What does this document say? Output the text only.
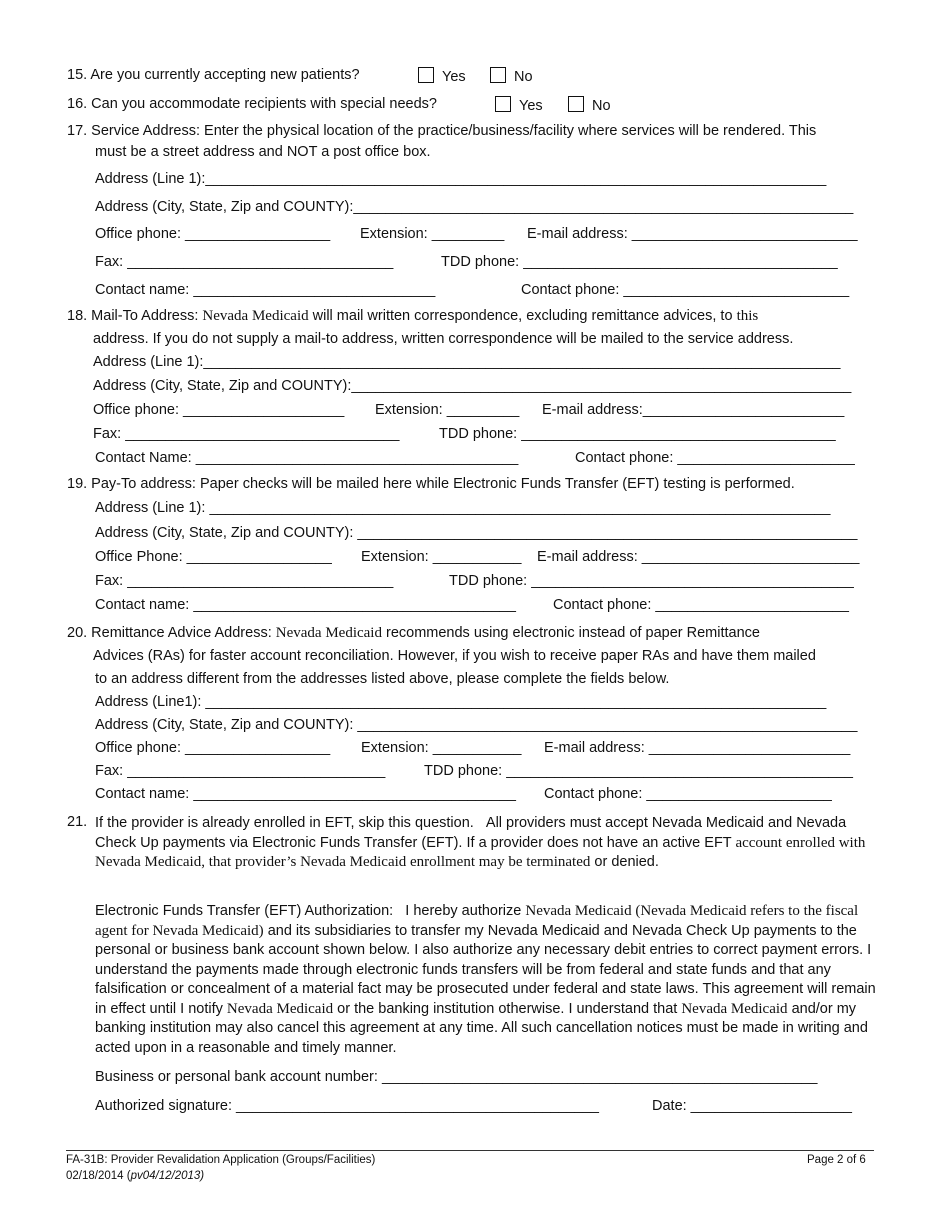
15. Are you currently accepting new patients?	Yes	No
16. Can you accommodate recipients with special needs?	Yes	No
17. Service Address: Enter the physical location of the practice/business/facility where services will be rendered. This
must be a street address and NOT a post office box.
Address (Line 1):_____________________________________________________________________________
Address (City, State, Zip and COUNTY):______________________________________________________________
Office phone: __________________ Extension: _________ E-mail address: ____________________________
Fax: _________________________________	TDD phone: _______________________________________
Contact name: ______________________________	Contact phone: ____________________________
18. Mail-To Address: Nevada Medicaid will mail written correspondence, excluding remittance advices, to this
address. If you do not supply a mail-to address, written correspondence will be mailed to the service address.
Address (Line 1):_______________________________________________________________________________
Address (City, State, Zip and COUNTY):______________________________________________________________
Office phone: ____________________ Extension: _________ E-mail address:_________________________
Fax: __________________________________	TDD phone: _______________________________________
Contact Name: ________________________________________	Contact phone: ______________________
19. Pay-To address: Paper checks will be mailed here while Electronic Funds Transfer (EFT) testing is performed.
Address (Line 1): _____________________________________________________________________________
Address (City, State, Zip and COUNTY): ______________________________________________________________
Office Phone: __________________ Extension: ___________ E-mail address: ___________________________
Fax: _________________________________	TDD phone: ________________________________________
Contact name: ________________________________________	Contact phone: ________________________
20. Remittance Advice Address: Nevada Medicaid recommends using electronic instead of paper Remittance
Advices (RAs) for faster account reconciliation. However, if you wish to receive paper RAs and have them mailed
to an address different from the addresses listed above, please complete the fields below.
Address (Line1): _____________________________________________________________________________
Address (City, State, Zip and COUNTY): ______________________________________________________________
Office phone: __________________ Extension: ___________ E-mail address: _________________________
Fax: ________________________________	TDD phone: ___________________________________________
Contact name: ________________________________________ Contact phone: _______________________
21. If the provider is already enrolled in EFT, skip this question. All providers must accept Nevada Medicaid and Nevada Check Up payments via Electronic Funds Transfer (EFT). If a provider does not have an active EFT account enrolled with Nevada Medicaid, that provider’s Nevada Medicaid enrollment may be terminated or denied.
Electronic Funds Transfer (EFT) Authorization: I hereby authorize Nevada Medicaid (Nevada Medicaid refers to the fiscal agent for Nevada Medicaid) and its subsidiaries to transfer my Nevada Medicaid and Nevada Check Up payments to the personal or business bank account shown below. I also authorize any necessary debit entries to correct payment errors. I understand the payments made through electronic funds transfers will be from federal and state funds and that any falsification or concealment of a material fact may be prosecuted under federal and state laws. This agreement will remain in effect until I notify Nevada Medicaid or the banking institution otherwise. I understand that Nevada Medicaid and/or my banking institution may also cancel this agreement at any time. All such cancellation notices must be made in writing and acted upon in a reasonable and timely manner.
Business or personal bank account number: ______________________________________________________
Authorized signature: _____________________________________________	Date: ____________________
FA-31B: Provider Revalidation Application (Groups/Facilities)
02/18/2014 (pv04/12/2013)
Page 2 of 6
